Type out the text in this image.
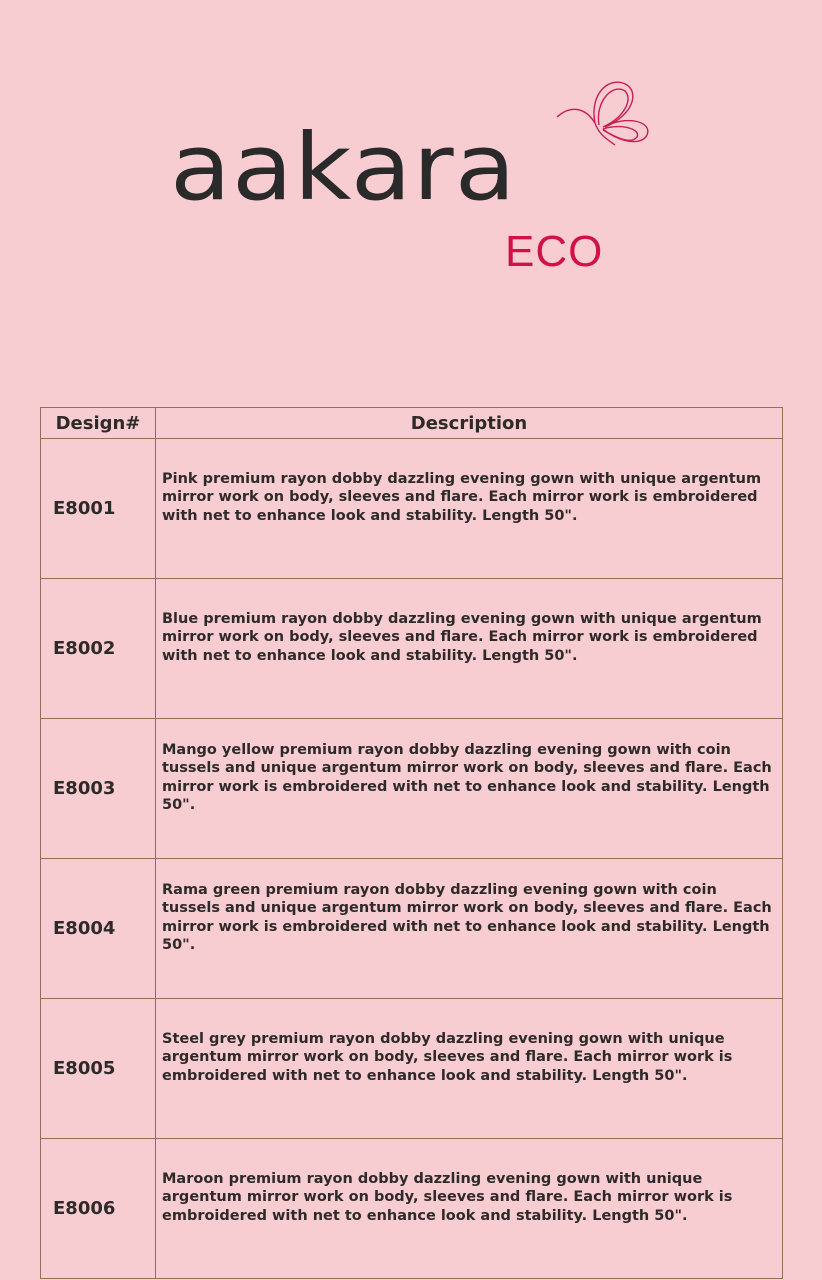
aakara
ECO
Design#	Description
E8001	Pink premium rayon dobby dazzling evening gown with unique argentum mirror work on body, sleeves and flare. Each mirror work is embroidered with net to enhance look and stability. Length 50".
E8002	Blue premium rayon dobby dazzling evening gown with unique argentum mirror work on body, sleeves and flare. Each mirror work is embroidered with net to enhance look and stability. Length 50".
E8003	Mango yellow premium rayon dobby dazzling evening gown with coin tussels and unique argentum mirror work on body, sleeves and flare. Each mirror work is embroidered with net to enhance look and stability. Length 50".
E8004	Rama green premium rayon dobby dazzling evening gown with coin tussels and unique argentum mirror work on body, sleeves and flare. Each mirror work is embroidered with net to enhance look and stability. Length 50".
E8005	Steel grey premium rayon dobby dazzling evening gown with unique argentum mirror work on body, sleeves and flare. Each mirror work is embroidered with net to enhance look and stability. Length 50".
E8006	Maroon premium rayon dobby dazzling evening gown with unique argentum mirror work on body, sleeves and flare. Each mirror work is embroidered with net to enhance look and stability. Length 50".
